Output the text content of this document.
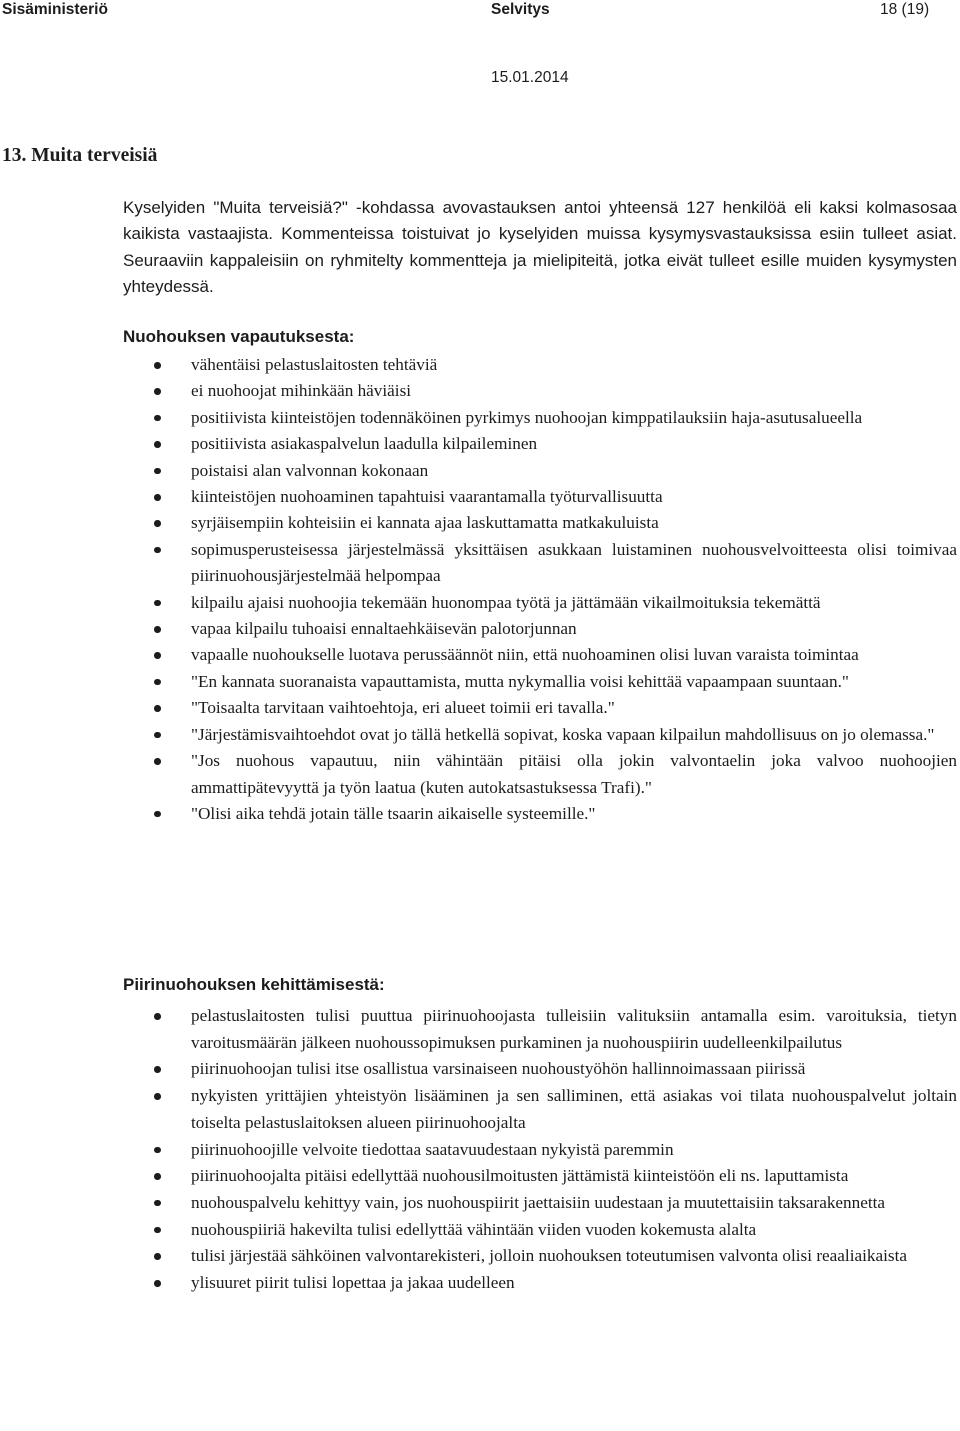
Sisäministeriö	Selvitys	18 (19)
15.01.2014
13. Muita terveisiä

Kyselyiden "Muita terveisiä?" -kohdassa avovastauksen antoi yhteensä 127 henkilöä eli kaksi kolmasosaa kaikista vastaajista. Kommenteissa toistuivat jo kyselyiden muissa kysymysvastauksissa esiin tulleet asiat. Seuraaviin kappaleisiin on ryhmitelty kommentteja ja mielipiteitä, jotka eivät tulleet esille muiden kysymysten yhteydessä.

Nuohouksen vapautuksesta:
vähentäisi pelastuslaitosten tehtäviä
ei nuohoojat mihinkään häviäisi
positiivista kiinteistöjen todennäköinen pyrkimys nuohoojan kimppatilauksiin haja-asutusalueella
positiivista asiakaspalvelun laadulla kilpaileminen
poistaisi alan valvonnan kokonaan
kiinteistöjen nuohoaminen tapahtuisi vaarantamalla työturvallisuutta
syrjäisempiin kohteisiin ei kannata ajaa laskuttamatta matkakuluista
sopimusperusteisessa järjestelmässä yksittäisen asukkaan luistaminen nuohousvelvoitteesta olisi toimivaa piirinuohousjärjestelmää helpompaa
kilpailu ajaisi nuohoojia tekemään huonompaa työtä ja jättämään vikailmoituksia tekemättä
vapaa kilpailu tuhoaisi ennaltaehkäisevän palotorjunnan
vapaalle nuohoukselle luotava perussäännöt niin, että nuohoaminen olisi luvan varaista toimintaa
"En kannata suoranaista vapauttamista, mutta nykymallia voisi kehittää vapaampaan suuntaan."
"Toisaalta tarvitaan vaihtoehtoja, eri alueet toimii eri tavalla."
"Järjestämisvaihtoehdot ovat jo tällä hetkellä sopivat, koska vapaan kilpailun mahdollisuus on jo olemassa."
"Jos nuohous vapautuu, niin vähintään pitäisi olla jokin valvontaelin joka valvoo nuohoojien ammattipätevyyttä ja työn laatua (kuten autokatsastuksessa Trafi)."
"Olisi aika tehdä jotain tälle tsaarin aikaiselle systeemille."
Piirinuohouksen kehittämisestä:
pelastuslaitosten tulisi puuttua piirinuohoojasta tulleisiin valituksiin antamalla esim. varoituksia, tietyn varoitusmäärän jälkeen nuohoussopimuksen purkaminen ja nuohouspiirin uudelleenkilpailutus
piirinuohoojan tulisi itse osallistua varsinaiseen nuohoustyöhön hallinnoimassaan piirissä
nykyisten yrittäjien yhteistyön lisääminen ja sen salliminen, että asiakas voi tilata nuohouspalvelut joltain toiselta pelastuslaitoksen alueen piirinuohoojalta
piirinuohoojille velvoite tiedottaa saatavuudestaan nykyistä paremmin
piirinuohoojalta pitäisi edellyttää nuohousilmoitusten jättämistä kiinteistöön eli ns. laputtamista
nuohouspalvelu kehittyy vain, jos nuohouspiirit jaettaisiin uudestaan ja muutettaisiin taksarakennetta
nuohouspiiriä hakevilta tulisi edellyttää vähintään viiden vuoden kokemusta alalta
tulisi järjestää sähköinen valvontarekisteri, jolloin nuohouksen toteutumisen valvonta olisi reaaliaikaista
ylisuuret piirit tulisi lopettaa ja jakaa uudelleen
